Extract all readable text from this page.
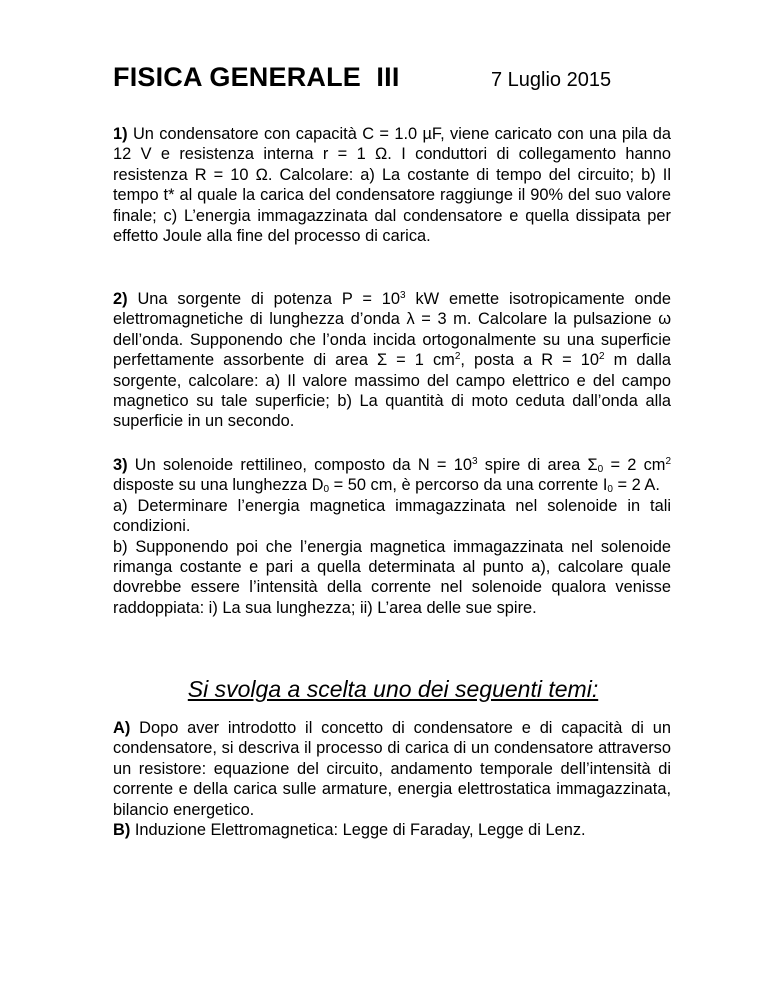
FISICA GENERALE  III	7 Luglio 2015

1) Un condensatore con capacità C = 1.0 µF, viene caricato con una pila da 12 V e resistenza interna r = 1 Ω. I conduttori di collegamento hanno resistenza R = 10 Ω. Calcolare: a) La costante di tempo del circuito; b) Il tempo t* al quale la carica del condensatore raggiunge il 90% del suo valore finale; c) L’energia immagazzinata dal condensatore e quella dissipata per effetto Joule alla fine del processo di carica.

2) Una sorgente di potenza $P = 10^3$ kW emette isotropicamente onde elettromagnetiche di lunghezza d’onda λ = 3 m. Calcolare la pulsazione ω dell’onda. Supponendo che l’onda incida ortogonalmente su una superficie perfettamente assorbente di area Σ = 1 $cm^2$, posta a $R = 10^2$ m dalla sorgente, calcolare: a) Il valore massimo del campo elettrico e del campo magnetico su tale superficie; b) La quantità di moto ceduta dall’onda alla superficie in un secondo.

3) Un solenoide rettilineo, composto da $N = 10^3$ spire di area $\Sigma_0 = 2$ $cm^2$ disposte su una lunghezza $D_0 = 50$ cm, è percorso da una corrente $I_0 = 2$ A.

a) Determinare l’energia magnetica immagazzinata nel solenoide in tali condizioni.

b) Supponendo poi che l’energia magnetica immagazzinata nel solenoide rimanga costante e pari a quella determinata al punto a), calcolare quale dovrebbe essere l’intensità della corrente nel solenoide qualora venisse raddoppiata: i) La sua lunghezza; ii) L’area delle sue spire.

Si svolga a scelta uno dei seguenti temi:

A) Dopo aver introdotto il concetto di condensatore e di capacità di un condensatore, si descriva il processo di carica di un condensatore attraverso un resistore: equazione del circuito, andamento temporale dell’intensità di corrente e della carica sulle armature, energia elettrostatica immagazzinata, bilancio energetico.

B) Induzione Elettromagnetica: Legge di Faraday, Legge di Lenz.
